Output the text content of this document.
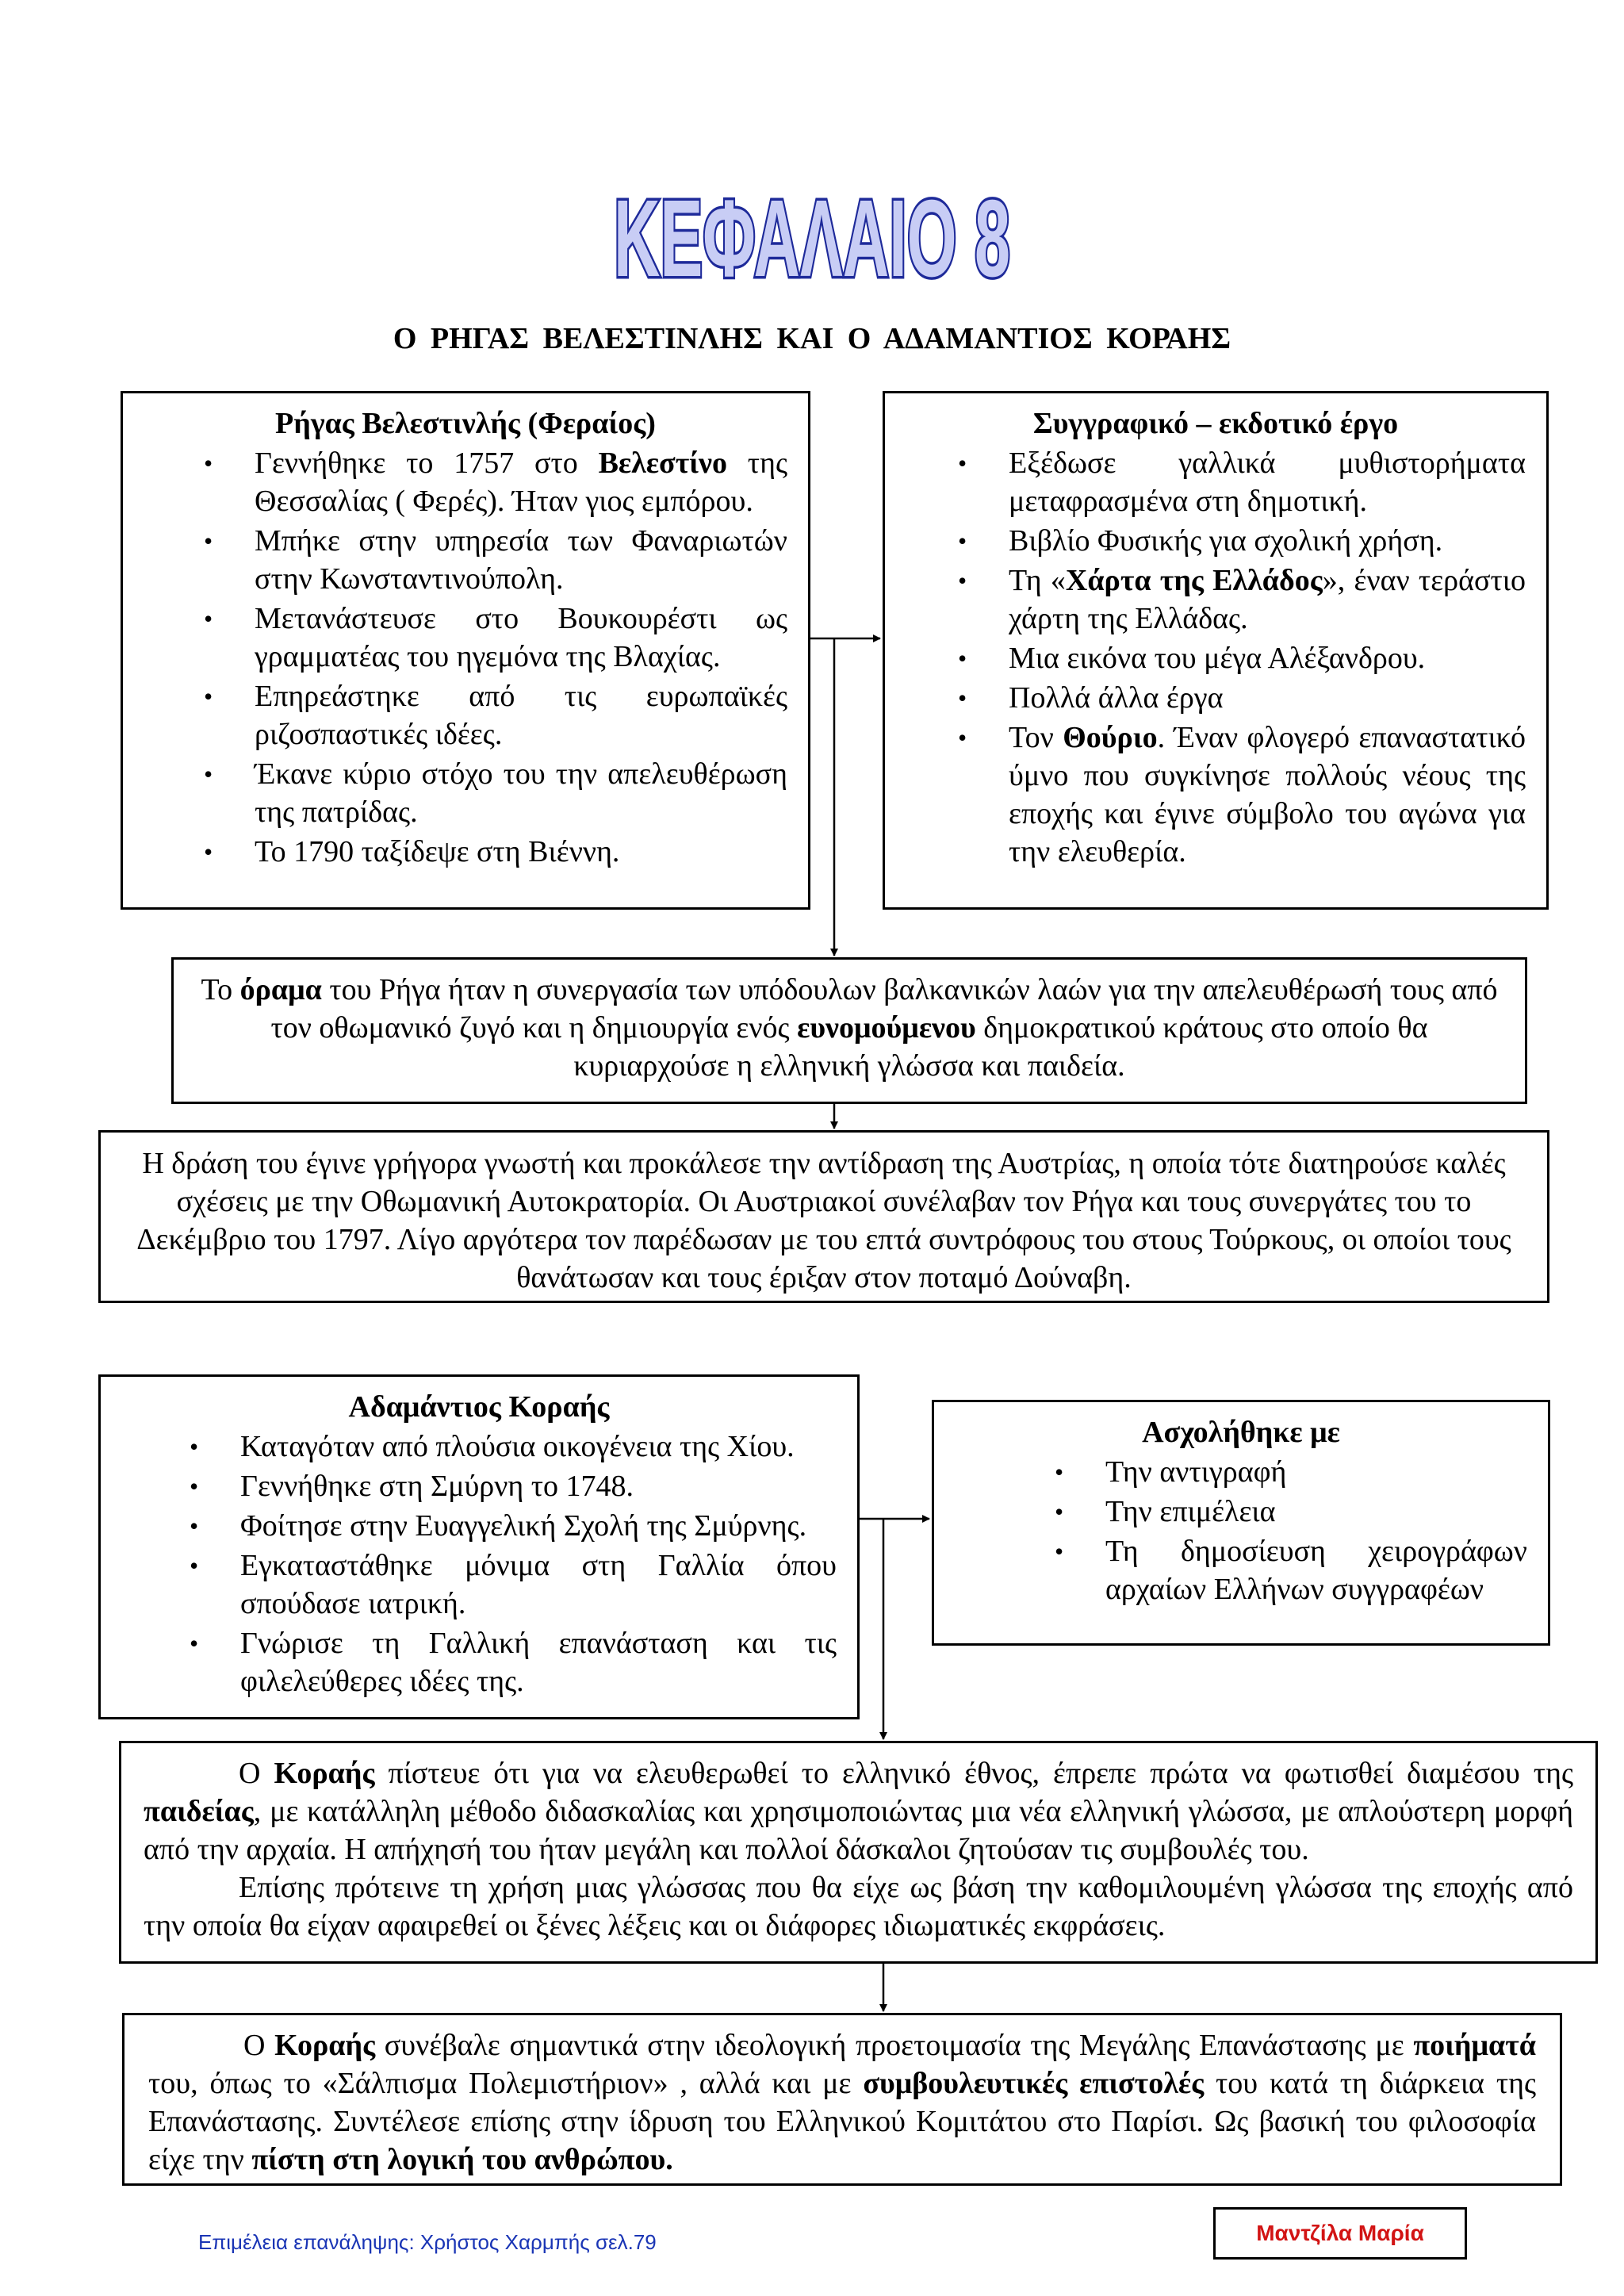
ΚΕΦΑΛΑΙΟ 8
Ο ΡΗΓΑΣ ΒΕΛΕΣΤΙΝΛΗΣ ΚΑΙ Ο ΑΔΑΜΑΝΤΙΟΣ ΚΟΡΑΗΣ
Ρήγας Βελεστινλής (Φεραίος)
• Γεννήθηκε το 1757 στο Βελεστίνο της Θεσσαλίας ( Φερές). Ήταν γιος εμπόρου.
• Μπήκε στην υπηρεσία των Φαναριωτών στην Κωνσταντινούπολη.
• Μετανάστευσε στο Βουκουρέστι ως γραμματέας του ηγεμόνα της Βλαχίας.
• Επηρεάστηκε από τις ευρωπαϊκές ριζοσπαστικές ιδέες.
• Έκανε κύριο στόχο του την απελευθέρωση της πατρίδας.
• Το 1790 ταξίδεψε στη Βιέννη.
Συγγραφικό – εκδοτικό έργο
• Εξέδωσε γαλλικά μυθιστορήματα μεταφρασμένα στη δημοτική.
• Βιβλίο Φυσικής για σχολική χρήση.
• Τη «Χάρτα της Ελλάδος», έναν τεράστιο χάρτη της Ελλάδας.
• Μια εικόνα του μέγα Αλέξανδρου.
• Πολλά άλλα έργα
• Τον Θούριο. Έναν φλογερό επαναστατικό ύμνο που συγκίνησε πολλούς νέους της εποχής και έγινε σύμβολο του αγώνα για την ελευθερία.
Το όραμα του Ρήγα ήταν η συνεργασία των υπόδουλων βαλκανικών λαών για την απελευθέρωσή τους από τον οθωμανικό ζυγό και η δημιουργία ενός ευνομούμενου δημοκρατικού κράτους στο οποίο θα κυριαρχούσε η ελληνική γλώσσα και παιδεία.
Η δράση του έγινε γρήγορα γνωστή και προκάλεσε την αντίδραση της Αυστρίας, η οποία τότε διατηρούσε καλές σχέσεις με την Οθωμανική Αυτοκρατορία. Οι Αυστριακοί συνέλαβαν τον Ρήγα και τους συνεργάτες του το Δεκέμβριο του 1797. Λίγο αργότερα τον παρέδωσαν με του επτά συντρόφους του στους Τούρκους, οι οποίοι τους θανάτωσαν και τους έριξαν στον ποταμό Δούναβη.
Αδαμάντιος Κοραής
• Καταγόταν από πλούσια οικογένεια της Χίου.
• Γεννήθηκε στη Σμύρνη το 1748.
• Φοίτησε στην Ευαγγελική Σχολή της Σμύρνης.
• Εγκαταστάθηκε μόνιμα στη Γαλλία όπου σπούδασε ιατρική.
• Γνώρισε τη Γαλλική επανάσταση και τις φιλελεύθερες ιδέες της.
Ασχολήθηκε με
• Την αντιγραφή
• Την επιμέλεια
• Τη δημοσίευση χειρογράφων αρχαίων Ελλήνων συγγραφέων
Ο Κοραής πίστευε ότι για να ελευθερωθεί το ελληνικό έθνος, έπρεπε πρώτα να φωτισθεί διαμέσου της παιδείας, με κατάλληλη μέθοδο διδασκαλίας και χρησιμοποιώντας μια νέα ελληνική γλώσσα, με απλούστερη μορφή από την αρχαία. Η απήχησή του ήταν μεγάλη και πολλοί δάσκαλοι ζητούσαν τις συμβουλές του.
Επίσης πρότεινε τη χρήση μιας γλώσσας που θα είχε ως βάση την καθομιλουμένη γλώσσα της εποχής από την οποία θα είχαν αφαιρεθεί οι ξένες λέξεις και οι διάφορες ιδιωματικές εκφράσεις.
Ο Κοραής συνέβαλε σημαντικά στην ιδεολογική προετοιμασία της Μεγάλης Επανάστασης με ποιήματά του, όπως το «Σάλπισμα Πολεμιστήριον» , αλλά και με συμβουλευτικές επιστολές του κατά τη διάρκεια της Επανάστασης. Συντέλεσε επίσης στην ίδρυση του Ελληνικού Κομιτάτου στο Παρίσι. Ως βασική του φιλοσοφία είχε την πίστη στη λογική του ανθρώπου.
Επιμέλεια επανάληψης: Χρήστος Χαρμπής σελ.79	Μαντζίλα Μαρία
